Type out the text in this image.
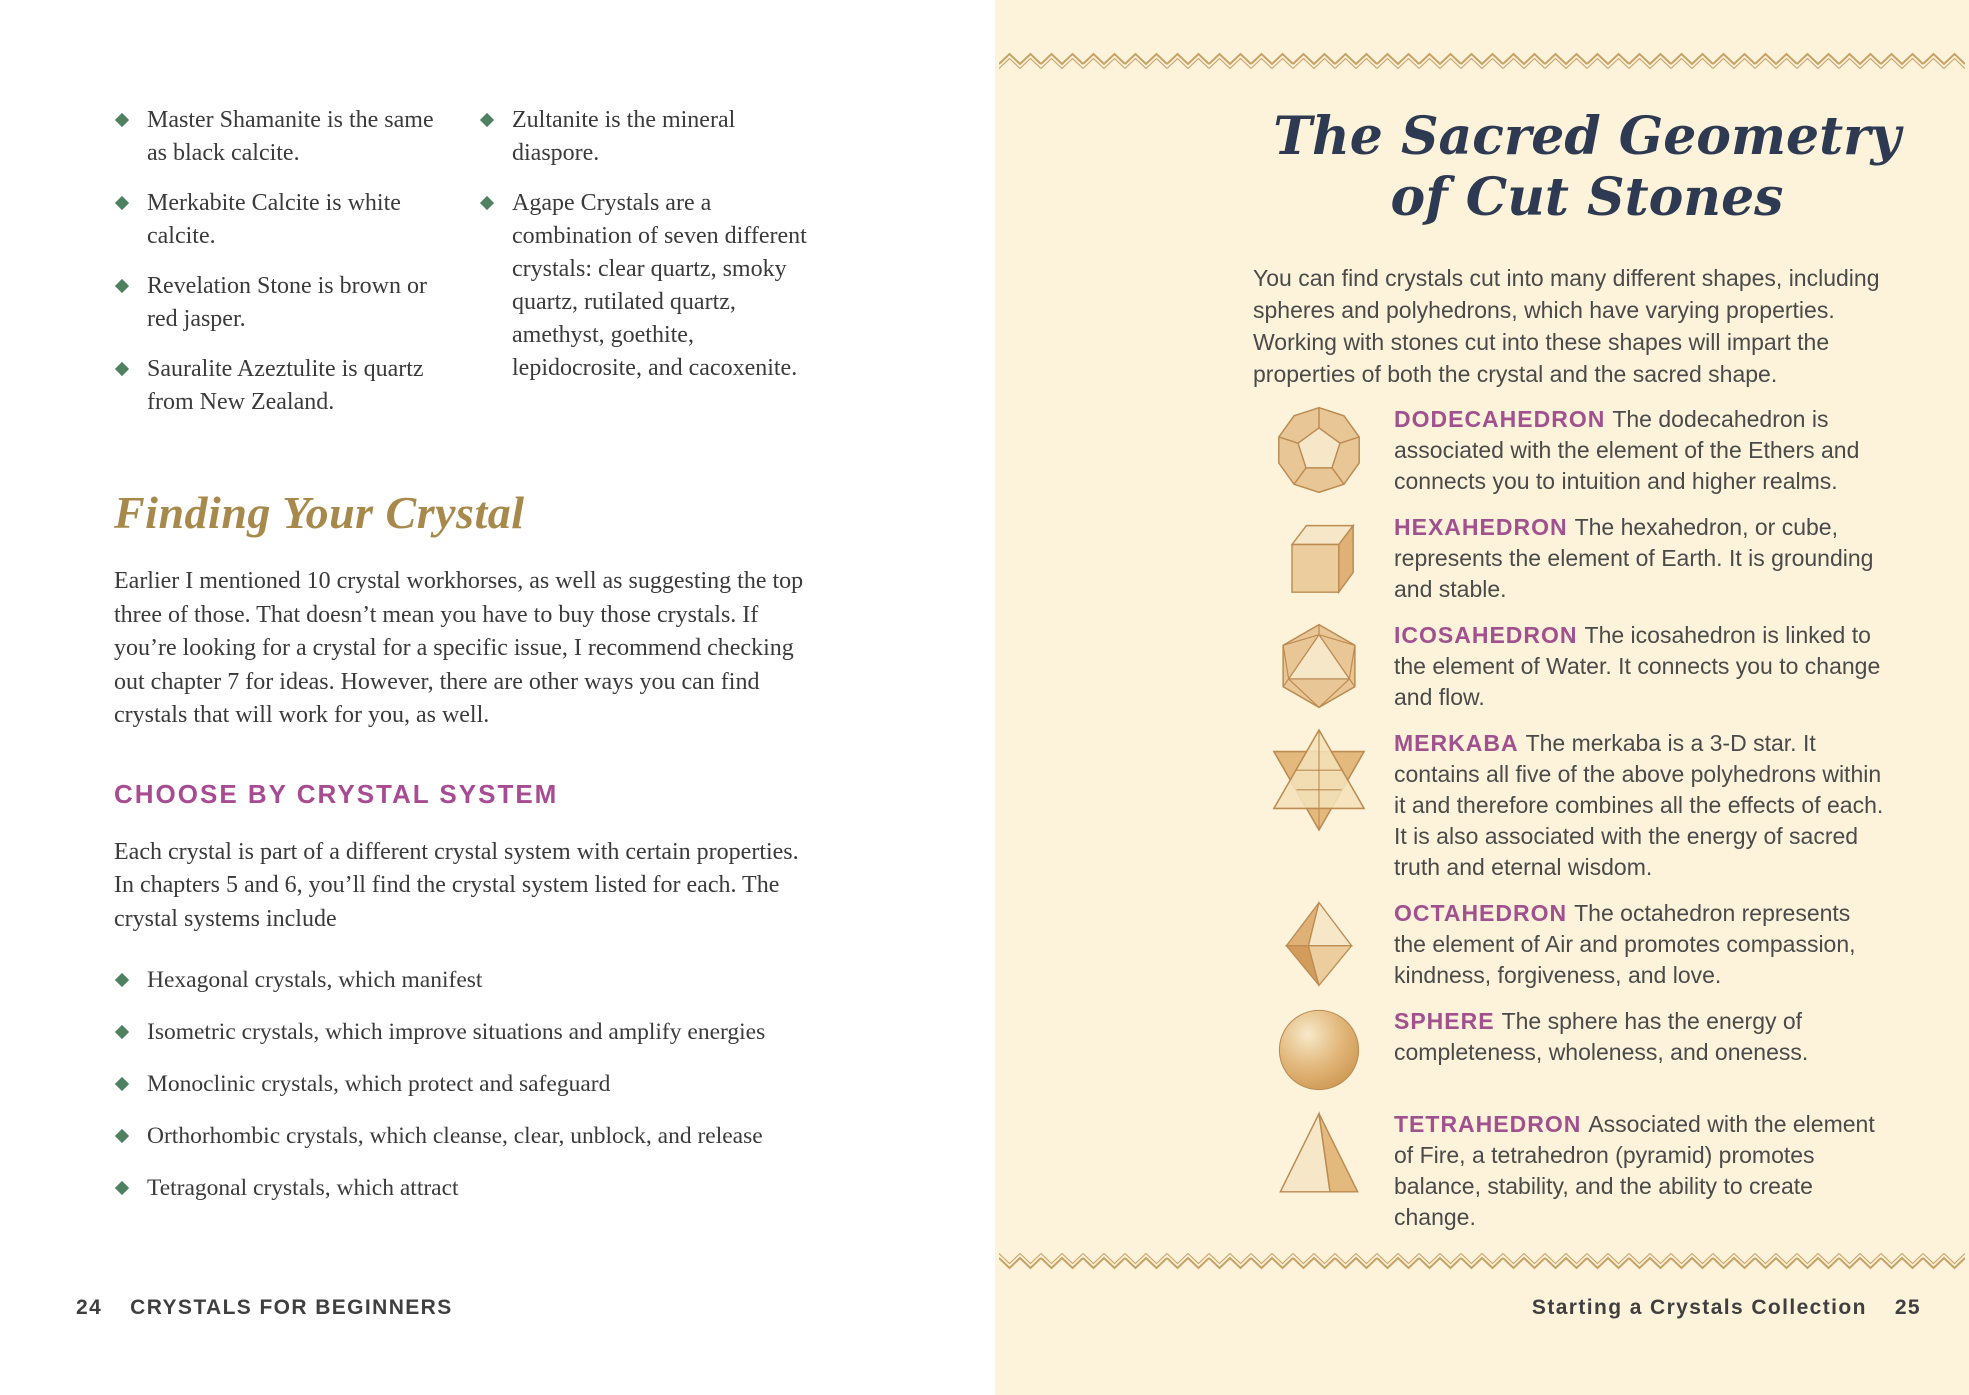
Master Shamanite is the same as black calcite.
Merkabite Calcite is white calcite.
Revelation Stone is brown or red jasper.
Sauralite Azeztulite is quartz from New Zealand.
Zultanite is the mineral diaspore.
Agape Crystals are a combination of seven different crystals: clear quartz, smoky quartz, rutilated quartz, amethyst, goethite, lepidocrosite, and cacoxenite.
Finding Your Crystal

Earlier I mentioned 10 crystal workhorses, as well as suggesting the top three of those. That doesn’t mean you have to buy those crystals. If you’re looking for a crystal for a specific issue, I recommend checking out chapter 7 for ideas. However, there are other ways you can find crystals that will work for you, as well.

CHOOSE BY CRYSTAL SYSTEM

Each crystal is part of a different crystal system with certain properties. In chapters 5 and 6, you’ll find the crystal system listed for each. The crystal systems include

Hexagonal crystals, which manifest
Isometric crystals, which improve situations and amplify energies
Monoclinic crystals, which protect and safeguard
Orthorhombic crystals, which cleanse, clear, unblock, and release
Tetragonal crystals, which attract
24 CRYSTALS FOR BEGINNERS
The Sacred Geometry of Cut Stones

You can find crystals cut into many different shapes, including spheres and polyhedrons, which have varying properties. Working with stones cut into these shapes will impart the properties of both the crystal and the sacred shape.

DODECAHEDRON The dodecahedron is associated with the element of the Ethers and connects you to intuition and higher realms.

HEXAHEDRON The hexahedron, or cube, represents the element of Earth. It is grounding and stable.

ICOSAHEDRON The icosahedron is linked to the element of Water. It connects you to change and flow.

MERKABA The merkaba is a 3-D star. It contains all five of the above polyhedrons within it and therefore combines all the effects of each. It is also associated with the energy of sacred truth and eternal wisdom.

OCTAHEDRON The octahedron represents the element of Air and promotes compassion, kindness, forgiveness, and love.

SPHERE The sphere has the energy of completeness, wholeness, and oneness.

TETRAHEDRON Associated with the element of Fire, a tetrahedron (pyramid) promotes balance, stability, and the ability to create change.

Starting a Crystals Collection 25
